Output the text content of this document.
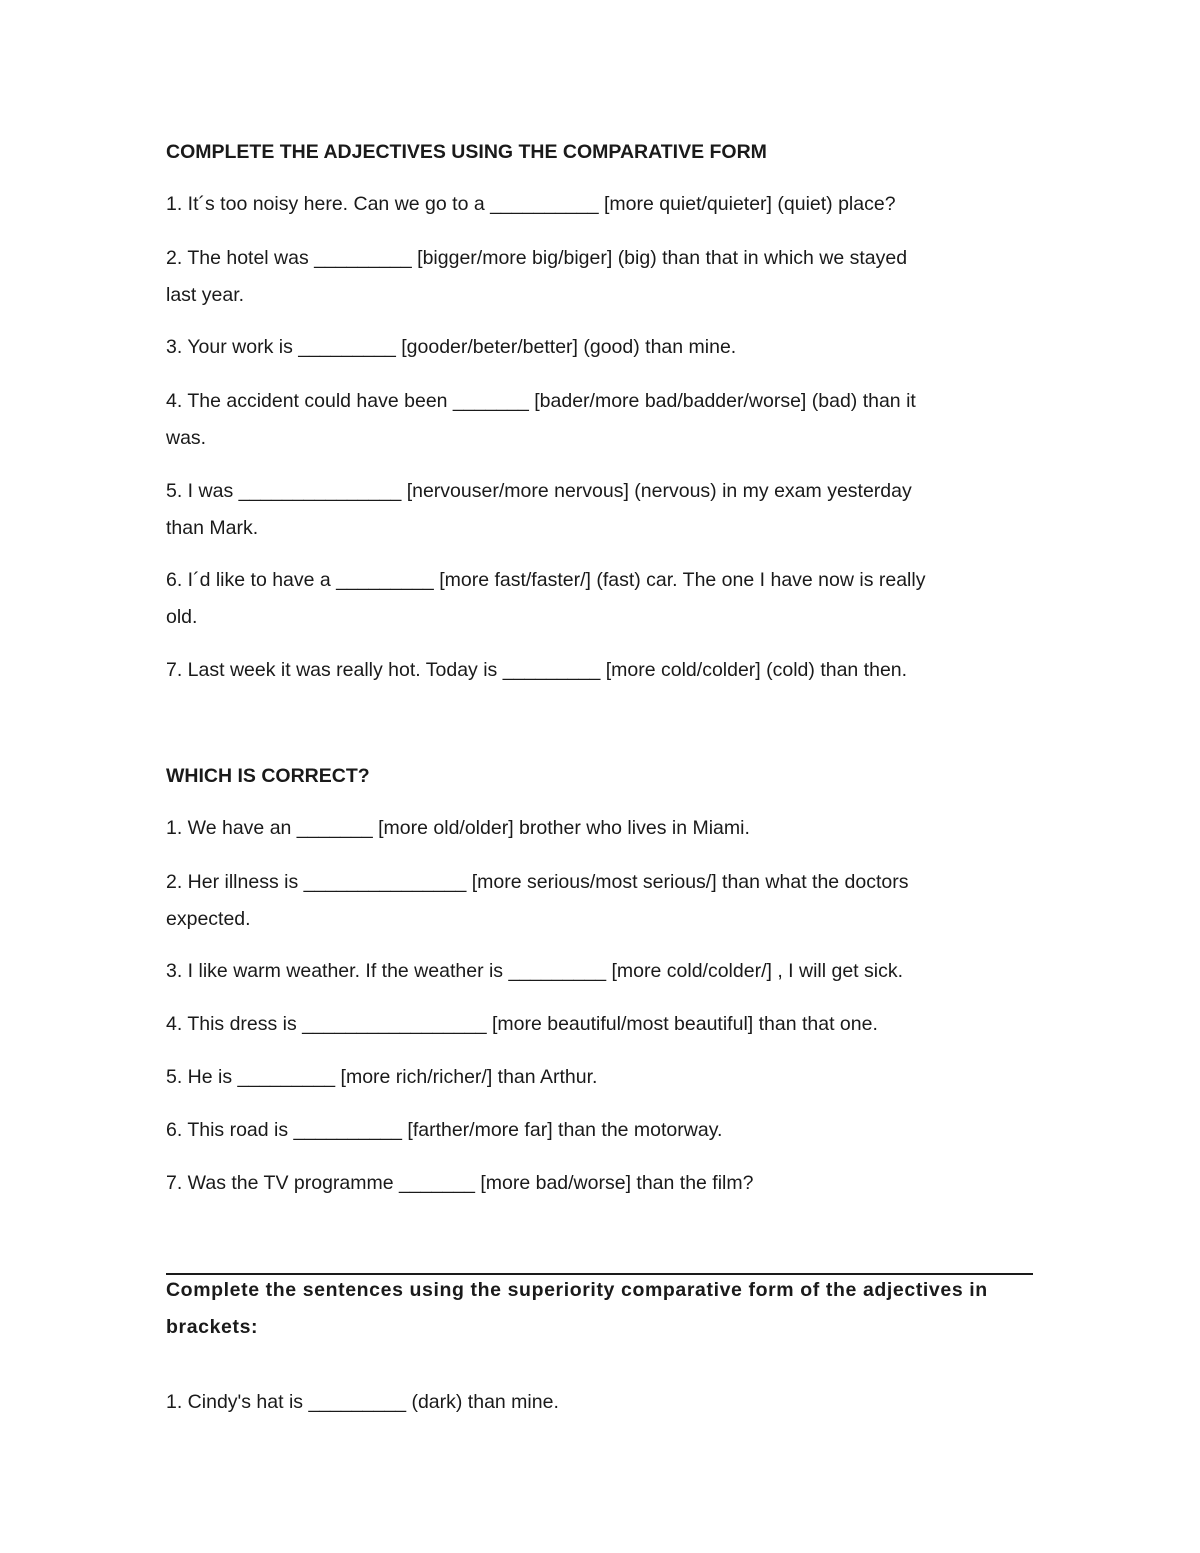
COMPLETE THE ADJECTIVES USING THE COMPARATIVE FORM

1. It´s too noisy here. Can we go to a __________ [more quiet/quieter] (quiet) place?

2. The hotel was _________ [bigger/more big/biger] (big) than that in which we stayed
last year.

3. Your work is _________ [gooder/beter/better] (good) than mine.

4. The accident could have been _______ [bader/more bad/badder/worse] (bad) than it
was.

5. I was _______________ [nervouser/more nervous] (nervous) in my exam yesterday
than Mark.

6. I´d like to have a _________ [more fast/faster/] (fast) car. The one I have now is really
old.

7. Last week it was really hot. Today is _________ [more cold/colder] (cold) than then.

WHICH IS CORRECT?

1. We have an _______ [more old/older] brother who lives in Miami.

2. Her illness is _______________ [more serious/most serious/] than what the doctors
expected.

3. I like warm weather. If the weather is _________ [more cold/colder/] , I will get sick.

4. This dress is _________________ [more beautiful/most beautiful] than that one.

5. He is _________ [more rich/richer/] than Arthur.

6. This road is __________ [farther/more far] than the motorway.

7. Was the TV programme _______ [more bad/worse] than the film?

Complete the sentences using the superiority comparative form of the adjectives in
brackets:

1. Cindy's hat is _________ (dark) than mine.
